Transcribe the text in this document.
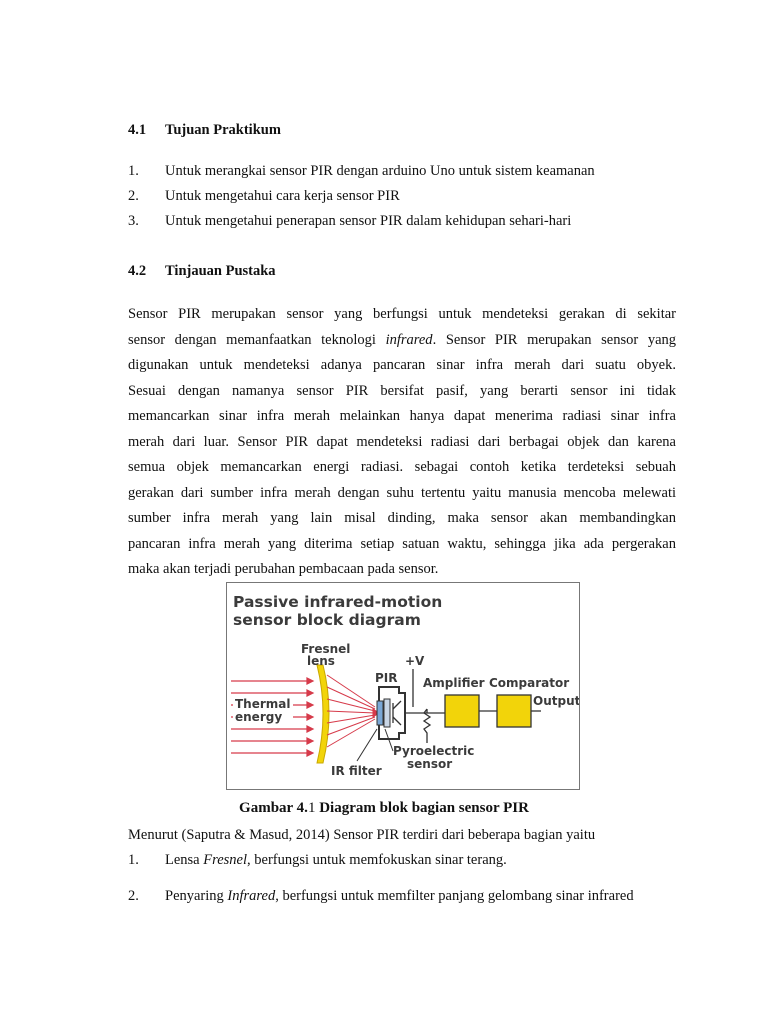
4.1 Tujuan Praktikum
1. Untuk merangkai sensor PIR dengan arduino Uno untuk sistem keamanan
2. Untuk mengetahui cara kerja sensor PIR
3. Untuk mengetahui penerapan sensor PIR dalam kehidupan sehari-hari
4.2 Tinjauan Pustaka
Sensor PIR merupakan sensor yang berfungsi untuk mendeteksi gerakan di sekitar
sensor dengan memanfaatkan teknologi infrared. Sensor PIR merupakan sensor yang
digunakan untuk mendeteksi adanya pancaran sinar infra merah dari suatu obyek.
Sesuai dengan namanya sensor PIR bersifat pasif, yang berarti sensor ini tidak
memancarkan sinar infra merah melainkan hanya dapat menerima radiasi sinar infra
merah dari luar. Sensor PIR dapat mendeteksi radiasi dari berbagai objek dan karena
semua objek memancarkan energi radiasi. sebagai contoh ketika terdeteksi sebuah
gerakan dari sumber infra merah dengan suhu tertentu yaitu manusia mencoba melewati
sumber infra merah yang lain misal dinding, maka sensor akan membandingkan
pancaran infra merah yang diterima setiap satuan waktu, sehingga jika ada pergerakan
maka akan terjadi perubahan pembacaan pada sensor.
Passive infrared-motion
sensor block diagram
Thermal
energy
Fresnel
lens
PIR
+V
Amplifier Comparator
Output
Pyroelectric
sensor
IR filter
Gambar 4.1 Diagram blok bagian sensor PIR
Menurut (Saputra & Masud, 2014) Sensor PIR terdiri dari beberapa bagian yaitu
1. Lensa Fresnel, berfungsi untuk memfokuskan sinar terang.
2. Penyaring Infrared, berfungsi untuk memfilter panjang gelombang sinar infrared
